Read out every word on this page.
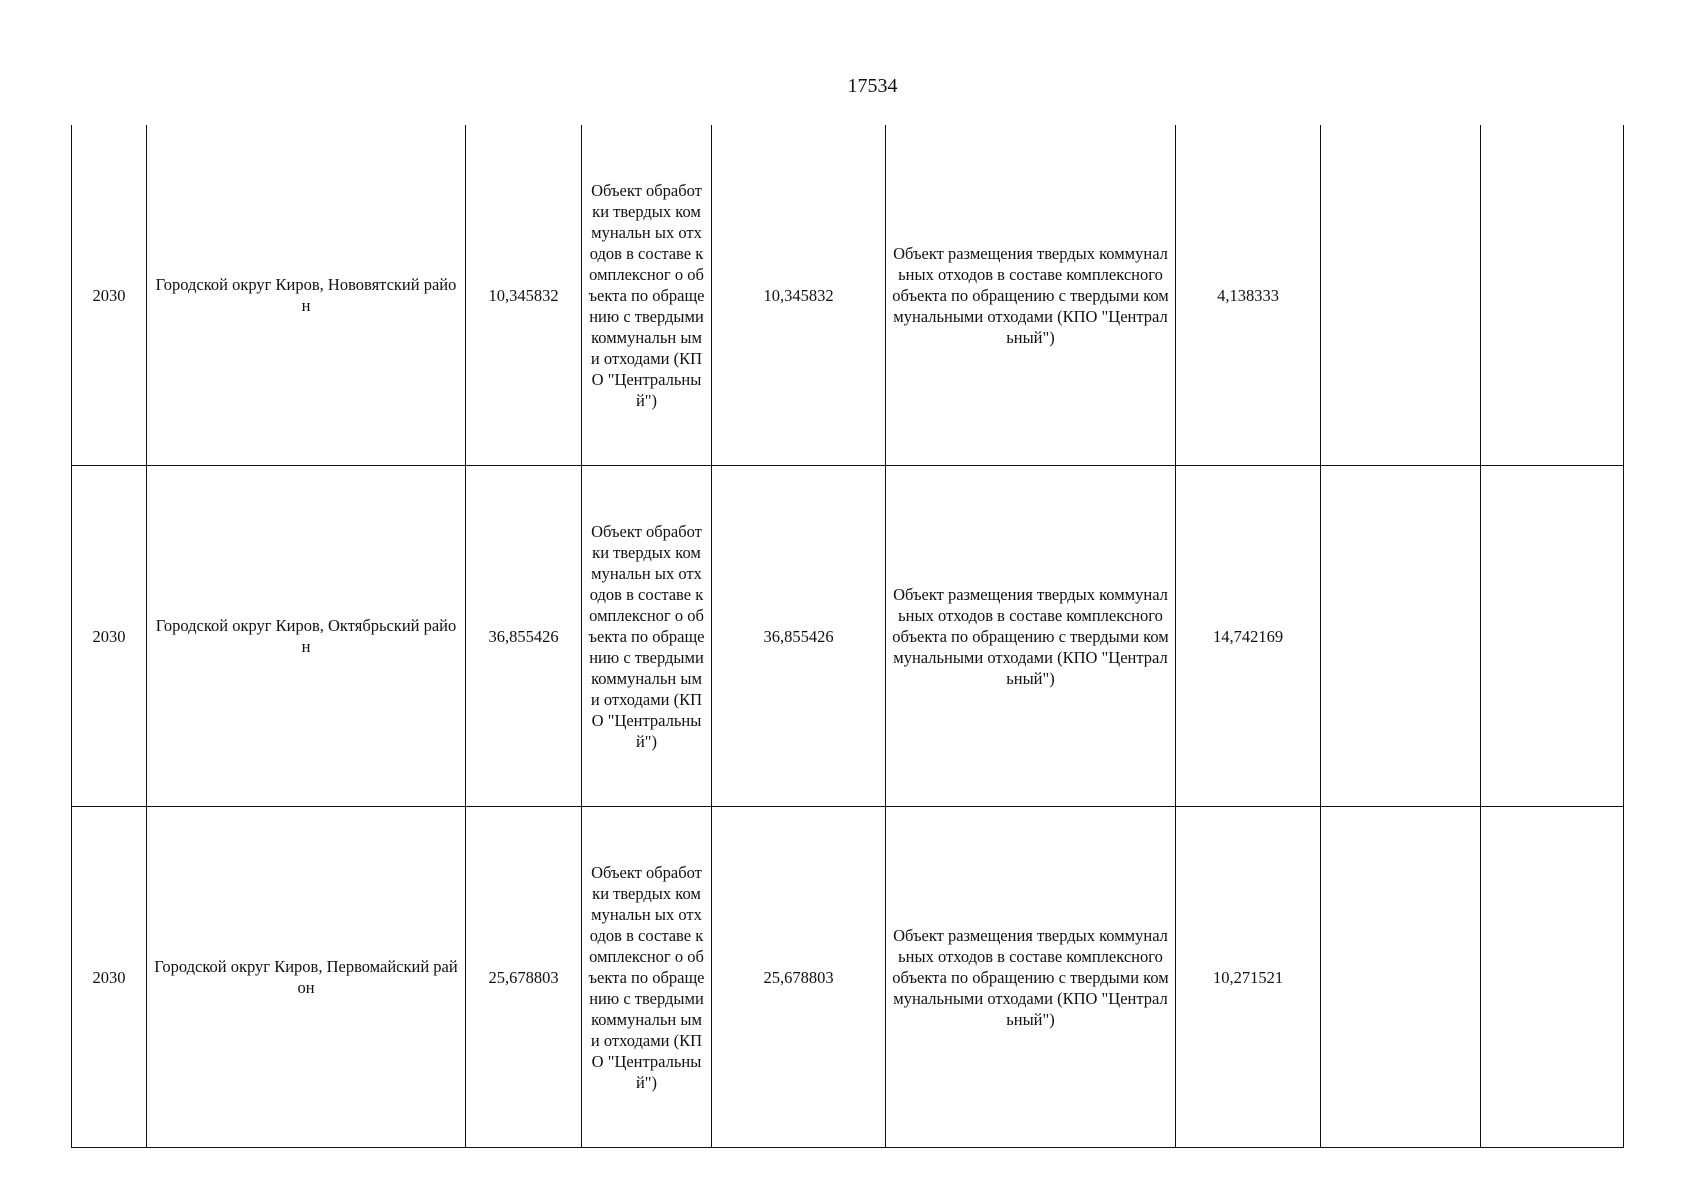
17534
2030	Городской округ Киров, Нововятский район	10,345832	Объект обработки твердых коммунальн ых отходов в составе комплексног о объекта по обращению с твердыми коммунальн ыми отходами (КПО "Центральны й")	10,345832	Объект размещения твердых коммунальных отходов в составе комплексного объекта по обращению с твердыми коммунальными отходами (КПО "Центральный")	4,138333		
2030	Городской округ Киров, Октябрьский район	36,855426	Объект обработки твердых коммунальн ых отходов в составе комплексног о объекта по обращению с твердыми коммунальн ыми отходами (КПО "Центральны й")	36,855426	Объект размещения твердых коммунальных отходов в составе комплексного объекта по обращению с твердыми коммунальными отходами (КПО "Центральный")	14,742169		
2030	Городской округ Киров, Первомайский район	25,678803	Объект обработки твердых коммунальн ых отходов в составе комплексног о объекта по обращению с твердыми коммунальн ыми отходами (КПО "Центральны й")	25,678803	Объект размещения твердых коммунальных отходов в составе комплексного объекта по обращению с твердыми коммунальными отходами (КПО "Центральный")	10,271521		
